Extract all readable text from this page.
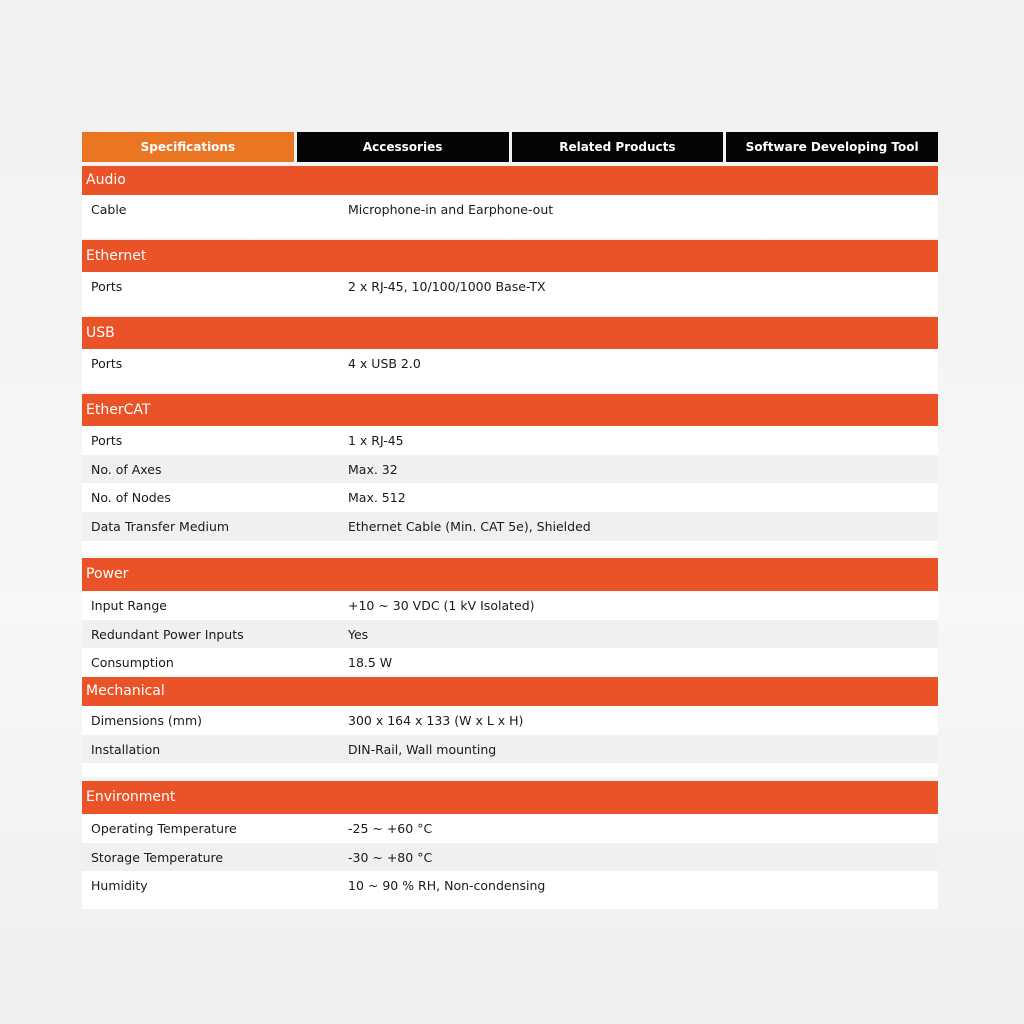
Specifications	Accessories	Related Products	Software Developing Tool
Audio
Cable	Microphone-in and Earphone-out
Ethernet
Ports	2 x RJ-45, 10/100/1000 Base-TX
USB
Ports	4 x USB 2.0
EtherCAT
Ports	1 x RJ-45
No. of Axes	Max. 32
No. of Nodes	Max. 512
Data Transfer Medium	Ethernet Cable (Min. CAT 5e), Shielded
Power
Input Range	+10 ~ 30 VDC (1 kV Isolated)
Redundant Power Inputs	Yes
Consumption	18.5 W
Mechanical
Dimensions (mm)	300 x 164 x 133 (W x L x H)
Installation	DIN-Rail, Wall mounting
Environment
Operating Temperature	-25 ~ +60 °C
Storage Temperature	-30 ~ +80 °C
Humidity	10 ~ 90 % RH, Non-condensing
